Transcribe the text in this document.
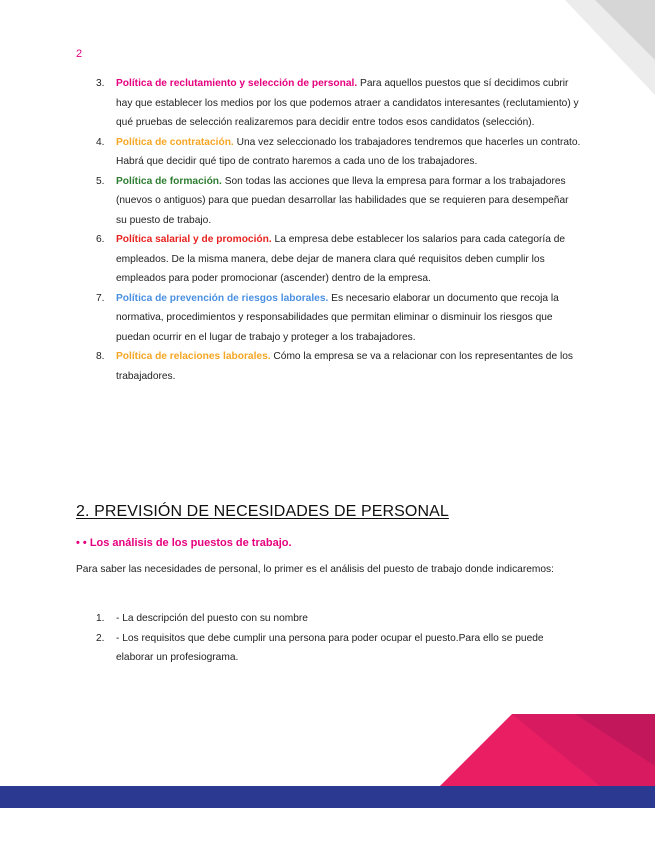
2
3. Política de reclutamiento y selección de personal. Para aquellos puestos que sí decidimos cubrir hay que establecer los medios por los que podemos atraer a candidatos interesantes (reclutamiento) y qué pruebas de selección realizaremos para decidir entre todos esos candidatos (selección).
4. Política de contratación. Una vez seleccionado los trabajadores tendremos que hacerles un contrato. Habrá que decidir qué tipo de contrato haremos a cada uno de los trabajadores.
5. Política de formación. Son todas las acciones que lleva la empresa para formar a los trabajadores (nuevos o antiguos) para que puedan desarrollar las habilidades que se requieren para desempeñar su puesto de trabajo.
6. Política salarial y de promoción. La empresa debe establecer los salarios para cada categoría de empleados. De la misma manera, debe dejar de manera clara qué requisitos deben cumplir los empleados para poder promocionar (ascender) dentro de la empresa.
7. Política de prevención de riesgos laborales. Es necesario elaborar un documento que recoja la normativa, procedimientos y responsabilidades que permitan eliminar o disminuir los riesgos que puedan ocurrir en el lugar de trabajo y proteger a los trabajadores.
8. Política de relaciones laborales. Cómo la empresa se va a relacionar con los representantes de los trabajadores.
2. PREVISIÓN DE NECESIDADES DE PERSONAL
• • Los análisis de los puestos de trabajo.

Para saber las necesidades de personal, lo primer es el análisis del puesto de trabajo donde indicaremos:

1. - La descripción del puesto con su nombre
2. - Los requisitos que debe cumplir una persona para poder ocupar el puesto.Para ello se puede elaborar un profesiograma.
